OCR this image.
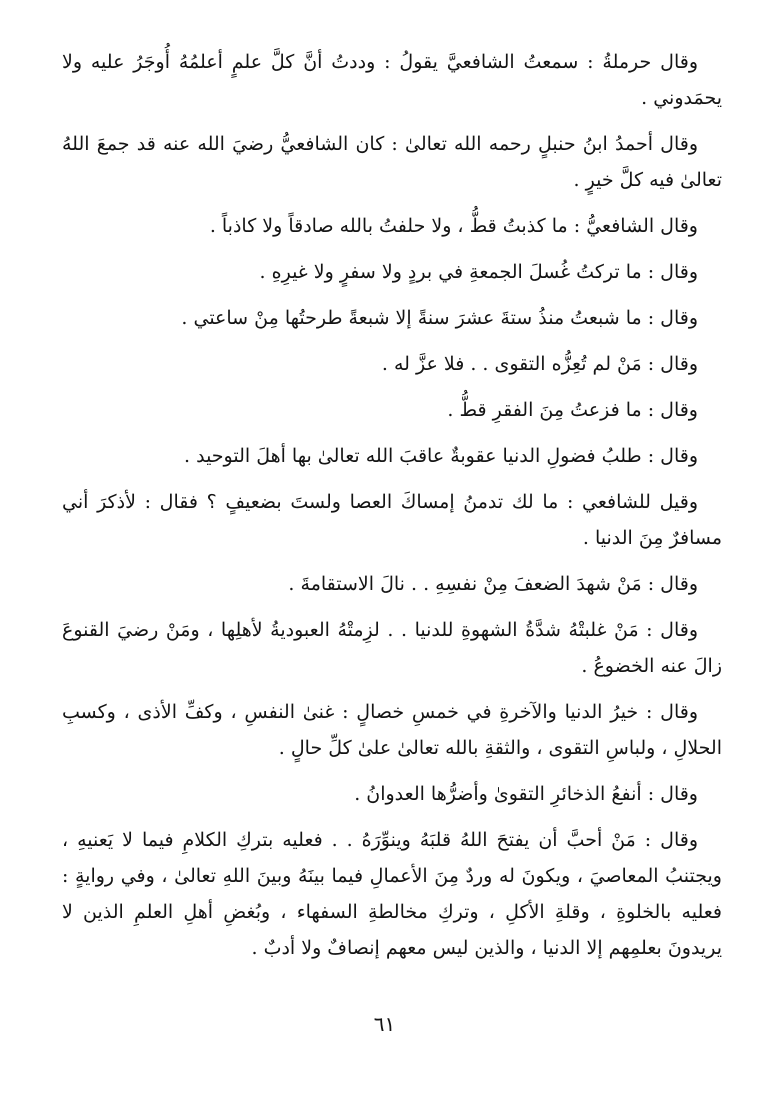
وقال حرملةُ : سمعتُ الشافعيَّ يقولُ : وددتُ أنَّ كلَّ علمٍ أعلمُهُ أُوجَرُ عليه ولا يحمَدوني .

وقال أحمدُ ابنُ حنبلٍ رحمه الله تعالىٰ : كان الشافعيُّ رضيَ الله عنه قد جمعَ اللهُ تعالىٰ فيه كلَّ خيرٍ .

وقال الشافعيُّ : ما كذبتُ قطُّ ، ولا حلفتُ بالله صادقاً ولا كاذباً .

وقال : ما تركتُ غُسلَ الجمعةِ في بردٍ ولا سفرٍ ولا غيرِهِ .

وقال : ما شبعتُ منذُ ستةَ عشرَ سنةً إلا شبعةً طرحتُها مِنْ ساعتي .

وقال : مَنْ لم تُعِزُّه التقوى . . فلا عزَّ له .

وقال : ما فزعتُ مِنَ الفقرِ قطُّ .

وقال : طلبُ فضولِ الدنيا عقوبةٌ عاقبَ الله تعالىٰ بها أهلَ التوحيد .

وقيل للشافعي : ما لك تدمنُ إمساكَ العصا ولستَ بضعيفٍ ؟ فقال : لأذكرَ أني مسافرٌ مِنَ الدنيا .

وقال : مَنْ شهدَ الضعفَ مِنْ نفسِهِ . . نالَ الاستقامةَ .

وقال : مَنْ غلبتْهُ شدَّةُ الشهوةِ للدنيا . . لزِمتْهُ العبوديةُ لأهلِها ، ومَنْ رضيَ القنوعَ زالَ عنه الخضوعُ .

وقال : خيرُ الدنيا والآخرةِ في خمسِ خصالٍ : غنىٰ النفسِ ، وكفِّ الأذى ، وكسبِ الحلالِ ، ولباسِ التقوى ، والثقةِ بالله تعالىٰ علىٰ كلِّ حالٍ .

وقال : أنفعُ الذخائرِ التقوىٰ وأضرُّها العدوانُ .

وقال : مَنْ أحبَّ أن يفتحَ اللهُ قلبَهُ وينوِّرَهُ . . فعليه بتركِ الكلامِ فيما لا يَعنيهِ ، ويجتنبُ المعاصيَ ، ويكونَ له وردٌ مِنَ الأعمالِ فيما بينَهُ وبينَ اللهِ تعالىٰ ، وفي روايةٍ : فعليه بالخلوةِ ، وقلةِ الأكلِ ، وتركِ مخالطةِ السفهاء ، وبُغضِ أهلِ العلمِ الذين لا يريدونَ بعلمِهم إلا الدنيا ، والذين ليس معهم إنصافٌ ولا أدبٌ .

٦١
